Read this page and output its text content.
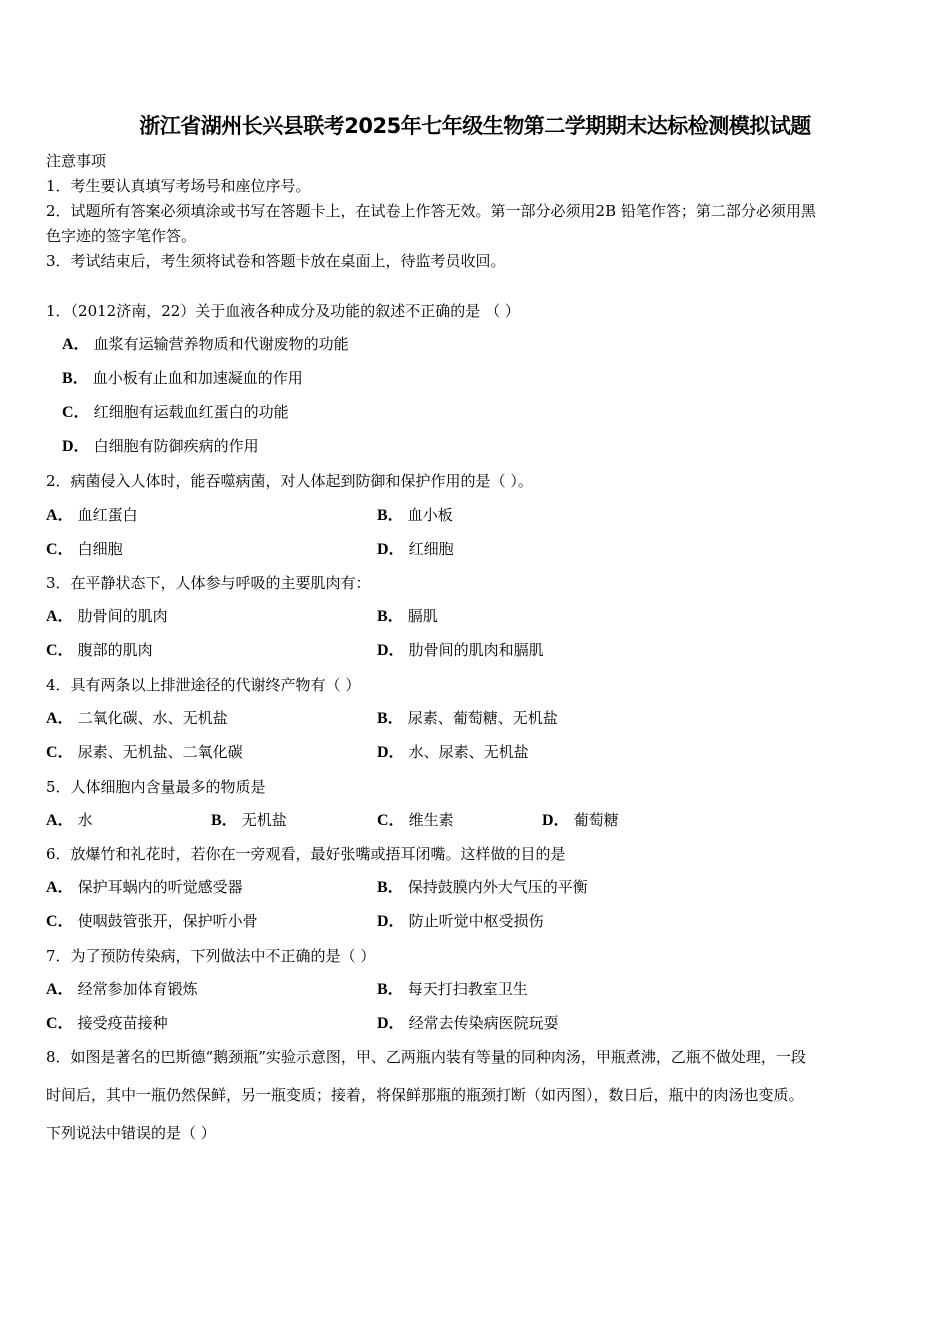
浙江省湖州长兴县联考2025年七年级生物第二学期期末达标检测模拟试题
注意事项
1．考生要认真填写考场号和座位序号。
2．试题所有答案必须填涂或书写在答题卡上，在试卷上作答无效。第一部分必须用2B 铅笔作答；第二部分必须用黑
色字迹的签字笔作答。
3．考试结束后，考生须将试卷和答题卡放在桌面上，待监考员收回。
1．（2012济南，22）关于血液各种成分及功能的叙述不正确的是 （ ）
A． 血浆有运输营养物质和代谢废物的功能
B． 血小板有止血和加速凝血的作用
C． 红细胞有运载血红蛋白的功能
D． 白细胞有防御疾病的作用
2．病菌侵入人体时，能吞噬病菌，对人体起到防御和保护作用的是（ ）。
A． 血红蛋白	B． 血小板
C． 白细胞	D． 红细胞
3．在平静状态下，人体参与呼吸的主要肌肉有：
A． 肋骨间的肌肉	B． 膈肌
C． 腹部的肌肉	D． 肋骨间的肌肉和膈肌
4．具有两条以上排泄途径的代谢终产物有（ ）
A． 二氧化碳、水、无机盐	B． 尿素、葡萄糖、无机盐
C． 尿素、无机盐、二氧化碳	D． 水、尿素、无机盐
5．人体细胞内含量最多的物质是
A． 水	B． 无机盐	C． 维生素	D． 葡萄糖
6．放爆竹和礼花时，若你在一旁观看，最好张嘴或捂耳闭嘴。这样做的目的是
A． 保护耳蜗内的听觉感受器	B． 保持鼓膜内外大气压的平衡
C． 使咽鼓管张开，保护听小骨	D． 防止听觉中枢受损伤
7．为了预防传染病，下列做法中不正确的是（ ）
A． 经常参加体育锻炼	B． 每天打扫教室卫生
C． 接受疫苗接种	D． 经常去传染病医院玩耍
8．如图是著名的巴斯德“鹅颈瓶”实验示意图，甲、乙两瓶内装有等量的同种肉汤，甲瓶煮沸，乙瓶不做处理，一段
时间后，其中一瓶仍然保鲜，另一瓶变质；接着，将保鲜那瓶的瓶颈打断（如丙图），数日后，瓶中的肉汤也变质。
下列说法中错误的是（ ）
